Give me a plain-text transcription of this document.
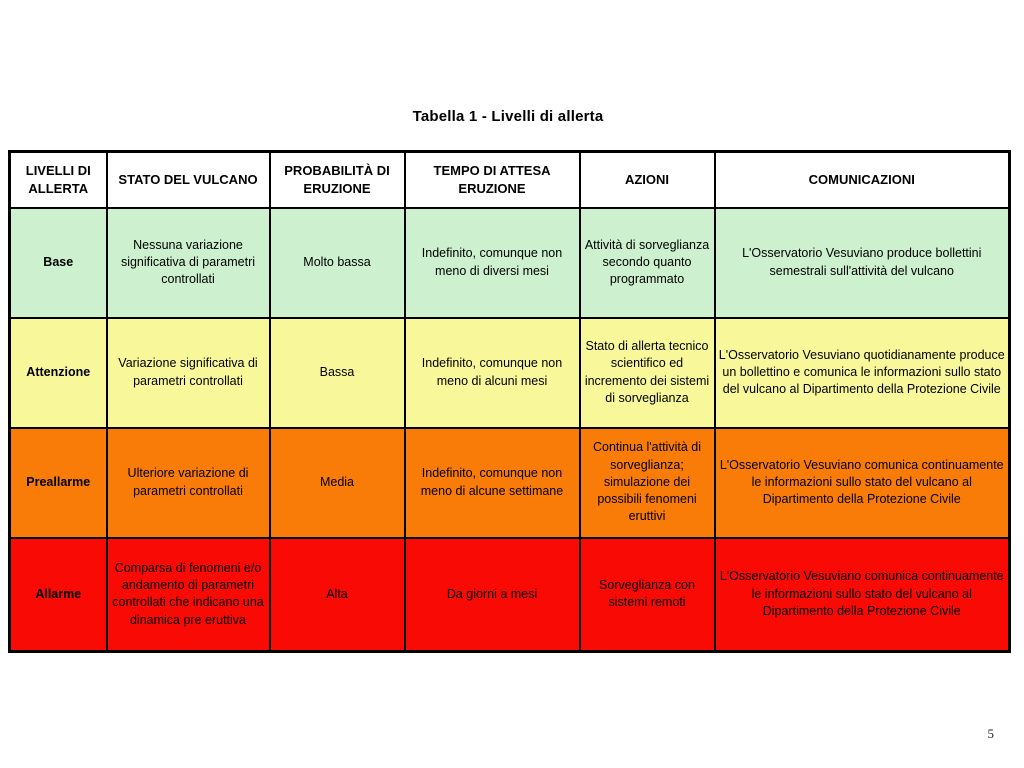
Tabella 1 - Livelli di allerta
LIVELLI DI ALLERTA	STATO DEL VULCANO	PROBABILITÀ DI ERUZIONE	TEMPO DI ATTESA ERUZIONE	AZIONI	COMUNICAZIONI
Base	Nessuna variazione significativa di parametri controllati	Molto bassa	Indefinito, comunque non meno di diversi mesi	Attività di sorveglianza secondo quanto programmato	L'Osservatorio Vesuviano produce bollettini semestrali sull'attività del vulcano
Attenzione	Variazione significativa di parametri controllati	Bassa	Indefinito, comunque non meno di alcuni mesi	Stato di allerta tecnico scientifico ed incremento dei sistemi di sorveglianza	L'Osservatorio Vesuviano quotidianamente produce un bollettino e comunica le informazioni sullo stato del vulcano al Dipartimento della Protezione Civile
Preallarme	Ulteriore variazione di parametri controllati	Media	Indefinito, comunque non meno di alcune settimane	Continua l'attività di sorveglianza; simulazione dei possibili fenomeni eruttivi	L'Osservatorio Vesuviano comunica continuamente le informazioni sullo stato del vulcano al Dipartimento della Protezione Civile
Allarme	Comparsa di fenomeni e/o andamento di parametri controllati che indicano una dinamica pre eruttiva	Alta	Da giorni a mesi	Sorveglianza con sistemi remoti	L'Osservatorio Vesuviano comunica continuamente le informazioni sullo stato del vulcano al Dipartimento della Protezione Civile
5
